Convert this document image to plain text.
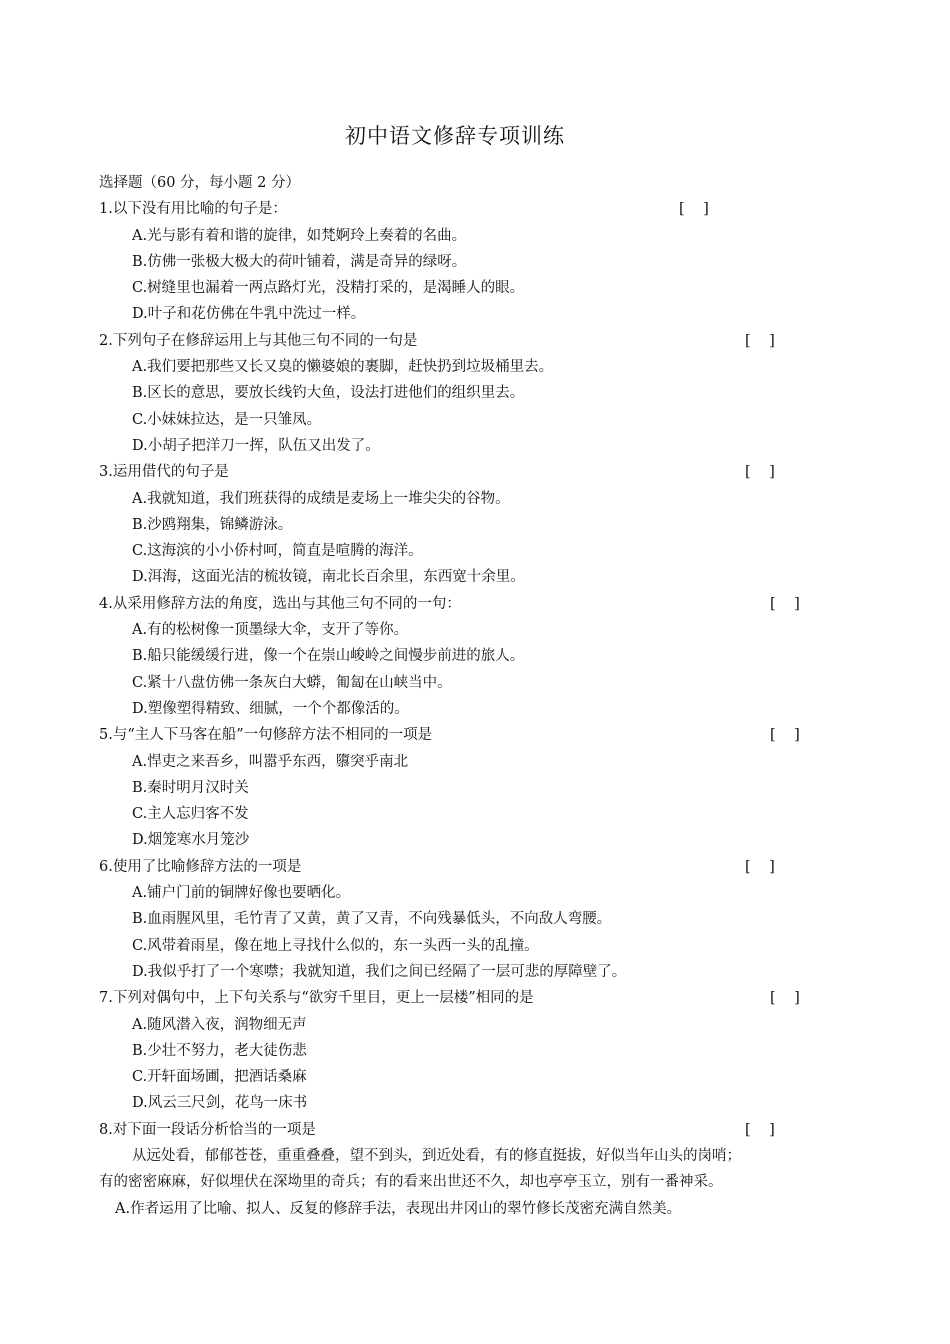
初中语文修辞专项训练
选择题（60 分，每小题 2 分）
1.以下没有用比喻的句子是：	[    ]
A.光与影有着和谐的旋律，如梵婀玲上奏着的名曲。
B.仿佛一张极大极大的荷叶铺着，满是奇异的绿呀。
C.树缝里也漏着一两点路灯光，没精打采的，是渴睡人的眼。
D.叶子和花仿佛在牛乳中洗过一样。
2.下列句子在修辞运用上与其他三句不同的一句是	[    ]
A.我们要把那些又长又臭的懒婆娘的裹脚，赶快扔到垃圾桶里去。
B.区长的意思，要放长线钓大鱼，设法打进他们的组织里去。
C.小妹妹拉达，是一只雏凤。
D.小胡子把洋刀一挥，队伍又出发了。
3.运用借代的句子是	[    ]
A.我就知道，我们班获得的成绩是麦场上一堆尖尖的谷物。
B.沙鸥翔集，锦鳞游泳。
C.这海滨的小小侨村呵，简直是喧腾的海洋。
D.洱海，这面光洁的梳妆镜，南北长百余里，东西宽十余里。
4.从采用修辞方法的角度，选出与其他三句不同的一句：	[    ]
A.有的松树像一顶墨绿大伞，支开了等你。
B.船只能缓缓行进，像一个在崇山峻岭之间慢步前进的旅人。
C.紧十八盘仿佛一条灰白大蟒，匍匐在山峡当中。
D.塑像塑得精致、细腻，一个个都像活的。
5.与“主人下马客在船”一句修辞方法不相同的一项是	[    ]
A.悍吏之来吾乡，叫嚣乎东西，隳突乎南北
B.秦时明月汉时关
C.主人忘归客不发
D.烟笼寒水月笼沙
6.使用了比喻修辞方法的一项是	[    ]
A.铺户门前的铜牌好像也要晒化。
B.血雨腥风里，毛竹青了又黄，黄了又青，不向残暴低头，不向敌人弯腰。
C.风带着雨星，像在地上寻找什么似的，东一头西一头的乱撞。
D.我似乎打了一个寒噤；我就知道，我们之间已经隔了一层可悲的厚障壁了。
7.下列对偶句中，上下句关系与“欲穷千里目，更上一层楼”相同的是	[    ]
A.随风潜入夜，润物细无声
B.少壮不努力，老大徒伤悲
C.开轩面场圃，把酒话桑麻
D.风云三尺剑，花鸟一床书
8.对下面一段话分析恰当的一项是	[    ]
从远处看，郁郁苍苍，重重叠叠，望不到头，到近处看，有的修直挺拔，好似当年山头的岗哨；
有的密密麻麻，好似埋伏在深坳里的奇兵；有的看来出世还不久，却也亭亭玉立，别有一番神采。
A.作者运用了比喻、拟人、反复的修辞手法，表现出井冈山的翠竹修长茂密充满自然美。
